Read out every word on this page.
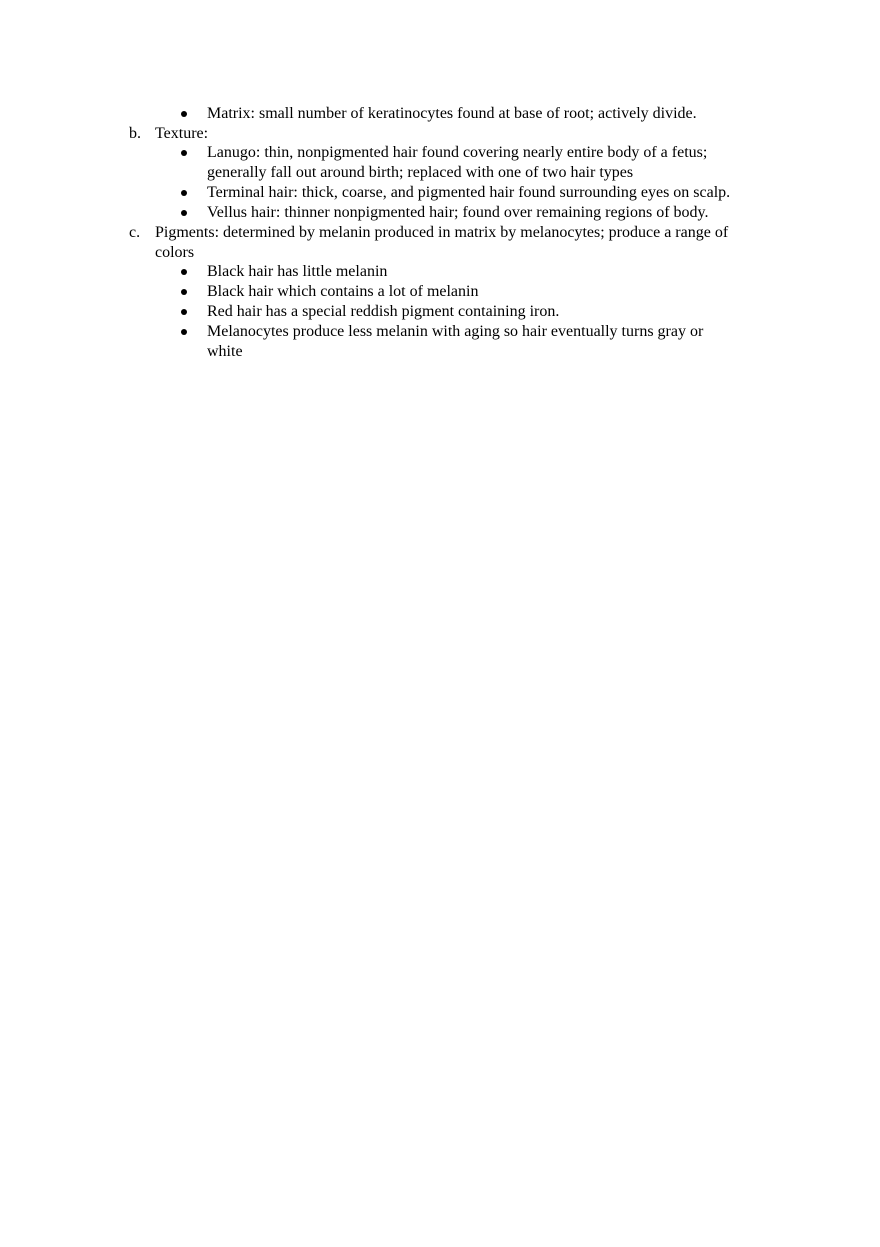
Matrix: small number of keratinocytes found at base of root; actively divide.
b. Texture:
Lanugo: thin, nonpigmented hair found covering nearly entire body of a fetus;
generally fall out around birth; replaced with one of two hair types
Terminal hair: thick, coarse, and pigmented hair found surrounding eyes on scalp.
Vellus hair: thinner nonpigmented hair; found over remaining regions of body.
c. Pigments: determined by melanin produced in matrix by melanocytes; produce a range of
colors
Black hair has little melanin
Black hair which contains a lot of melanin
Red hair has a special reddish pigment containing iron.
Melanocytes produce less melanin with aging so hair eventually turns gray or
white
